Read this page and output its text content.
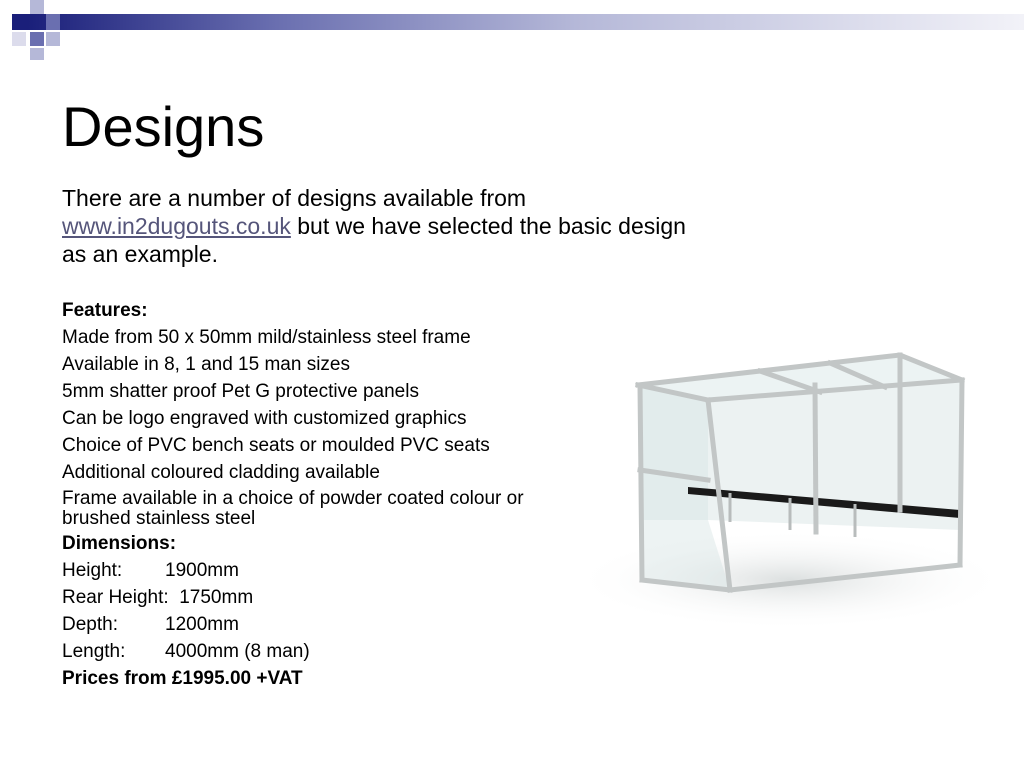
Designs

There are a number of designs available from
www.in2dugouts.co.uk but we have selected the basic design as an example.

Features:

Made from 50 x 50mm mild/stainless steel frame

Available in 8, 1 and 15 man sizes

5mm shatter proof Pet G protective panels

Can be logo engraved with customized graphics

Choice of PVC bench seats or moulded PVC seats

Additional coloured cladding available

Frame available in a choice of powder coated colour or brushed stainless steel

Dimensions:

Height: 1900mm

Rear Height: 1750mm

Depth: 1200mm

Length: 4000mm (8 man)

Prices from £1995.00 +VAT
